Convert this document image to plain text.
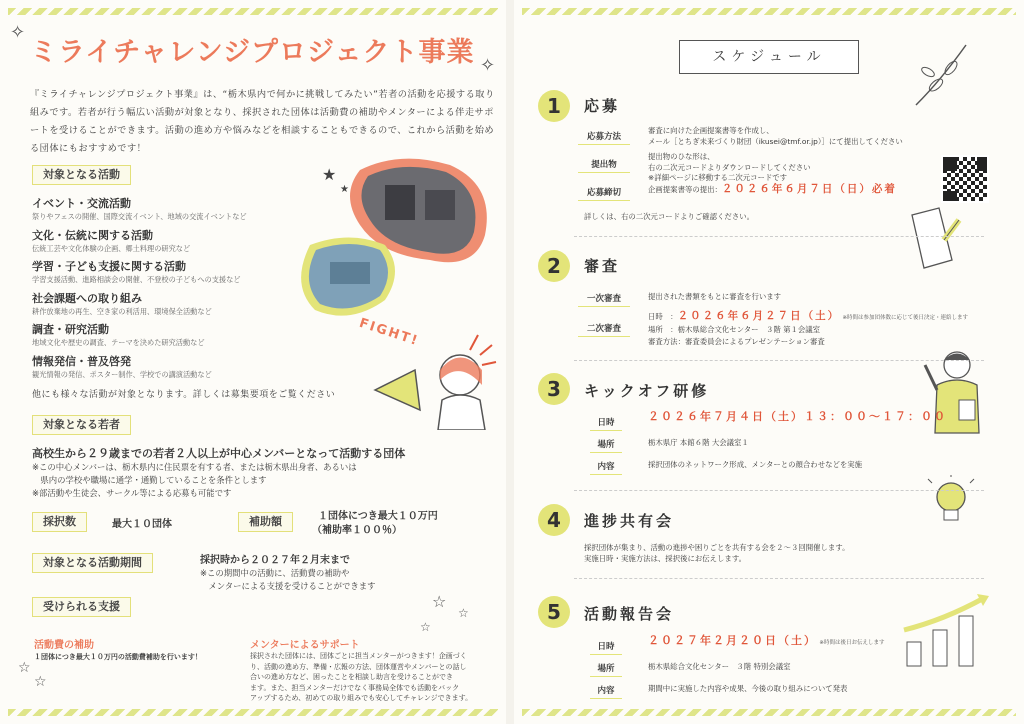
✧
✧
☆
☆
ミライチャレンジプロジェクト事業
『ミライチャレンジプロジェクト事業』は、“栃木県内で何かに挑戦してみたい”若者の活動を応援する取り組みです。若者が行う幅広い活動が対象となり、採択された団体は活動費の補助やメンターによる伴走サポートを受けることができます。活動の進め方や悩みなどを相談することもできるので、これから活動を始める団体にもおすすめです！
対象となる活動
イベント・交流活動
祭りやフェスの開催、国際交流イベント、地域の交流イベントなど
文化・伝統に関する活動
伝統工芸や文化体験の企画、郷土料理の研究など
学習・子ども支援に関する活動
学習支援活動、進路相談会の開催、不登校の子どもへの支援など
社会課題への取り組み
耕作放棄地の再生、空き家の利活用、環境保全活動など
調査・研究活動
地域文化や歴史の調査、テーマを決めた研究活動など
情報発信・普及啓発
観光情報の発信、ポスター制作、学校での講演活動など
他にも様々な活動が対象となります。詳しくは募集要項をご覧ください
★
★
FIGHT!
対象となる若者
高校生から２９歳までの若者２人以上が中心メンバーとなって活動する団体
※この中心メンバーは、栃木県内に住民票を有する者、または栃木県出身者、あるいは
　県内の学校や職場に通学・通勤していることを条件とします
※部活動や生徒会、サークル等による応募も可能です
採択数	最大１０団体	補助額	１団体につき最大１０万円
（補助率１００％）
対象となる活動期間	採択時から２０２７年２月末まで
※この期間中の活動に、活動費の補助や
　メンターによる支援を受けることができます
☆
☆
☆
受けられる支援
活動費の補助
１団体につき最大１０万円の活動費補助を行います！
メンターによるサポート
採択された団体には、団体ごとに担当メンターがつきます！企画づく
り、活動の進め方、準備・広報の方法、団体運営やメンバーとの話し
合いの進め方など、困ったことを相談し助言を受けることができ
ます。また、担当メンターだけでなく事務局全体でも活動をバック
アップするため、初めての取り組みでも安心してチャレンジできます。
スケジュール
1	応募
応募方法
審査に向けた企画提案書等を作成し、
メール［とちぎ未来づくり財団（ikusei@tmf.or.jp）］にて提出してください
提出物
提出物のひな形は、
右の二次元コードよりダウンロードしてください
※詳細ページに移動する二次元コードです
応募締切	企画提案書等の提出：２０２６年６月７日（日）必着
詳しくは、右の二次元コードよりご確認ください。
2	審査
一次審査	提出された書類をもとに審査を行います
二次審査
日時　：２０２６年６月２７日（土） ※時間は参加団体数に応じて後日決定・連絡します
場所　：栃木県総合文化センター　３階 第１会議室
審査方法：審査委員会によるプレゼンテーション審査
3	キックオフ研修
日時	２０２６年７月４日（土）１３：００〜１７：００
場所	栃木県庁 本館６階 大会議室１
内容	採択団体のネットワーク形成、メンターとの顔合わせなどを実施
4	進捗共有会
採択団体が集まり、活動の進捗や困りごとを共有する会を２〜３回開催します。
実施日時・実施方法は、採択後にお伝えします。
5	活動報告会
日時	２０２７年２月２０日（土） ※時間は後日お伝えします
場所	栃木県総合文化センター　３階 特別会議室
内容	期間中に実施した内容や成果、今後の取り組みについて発表
